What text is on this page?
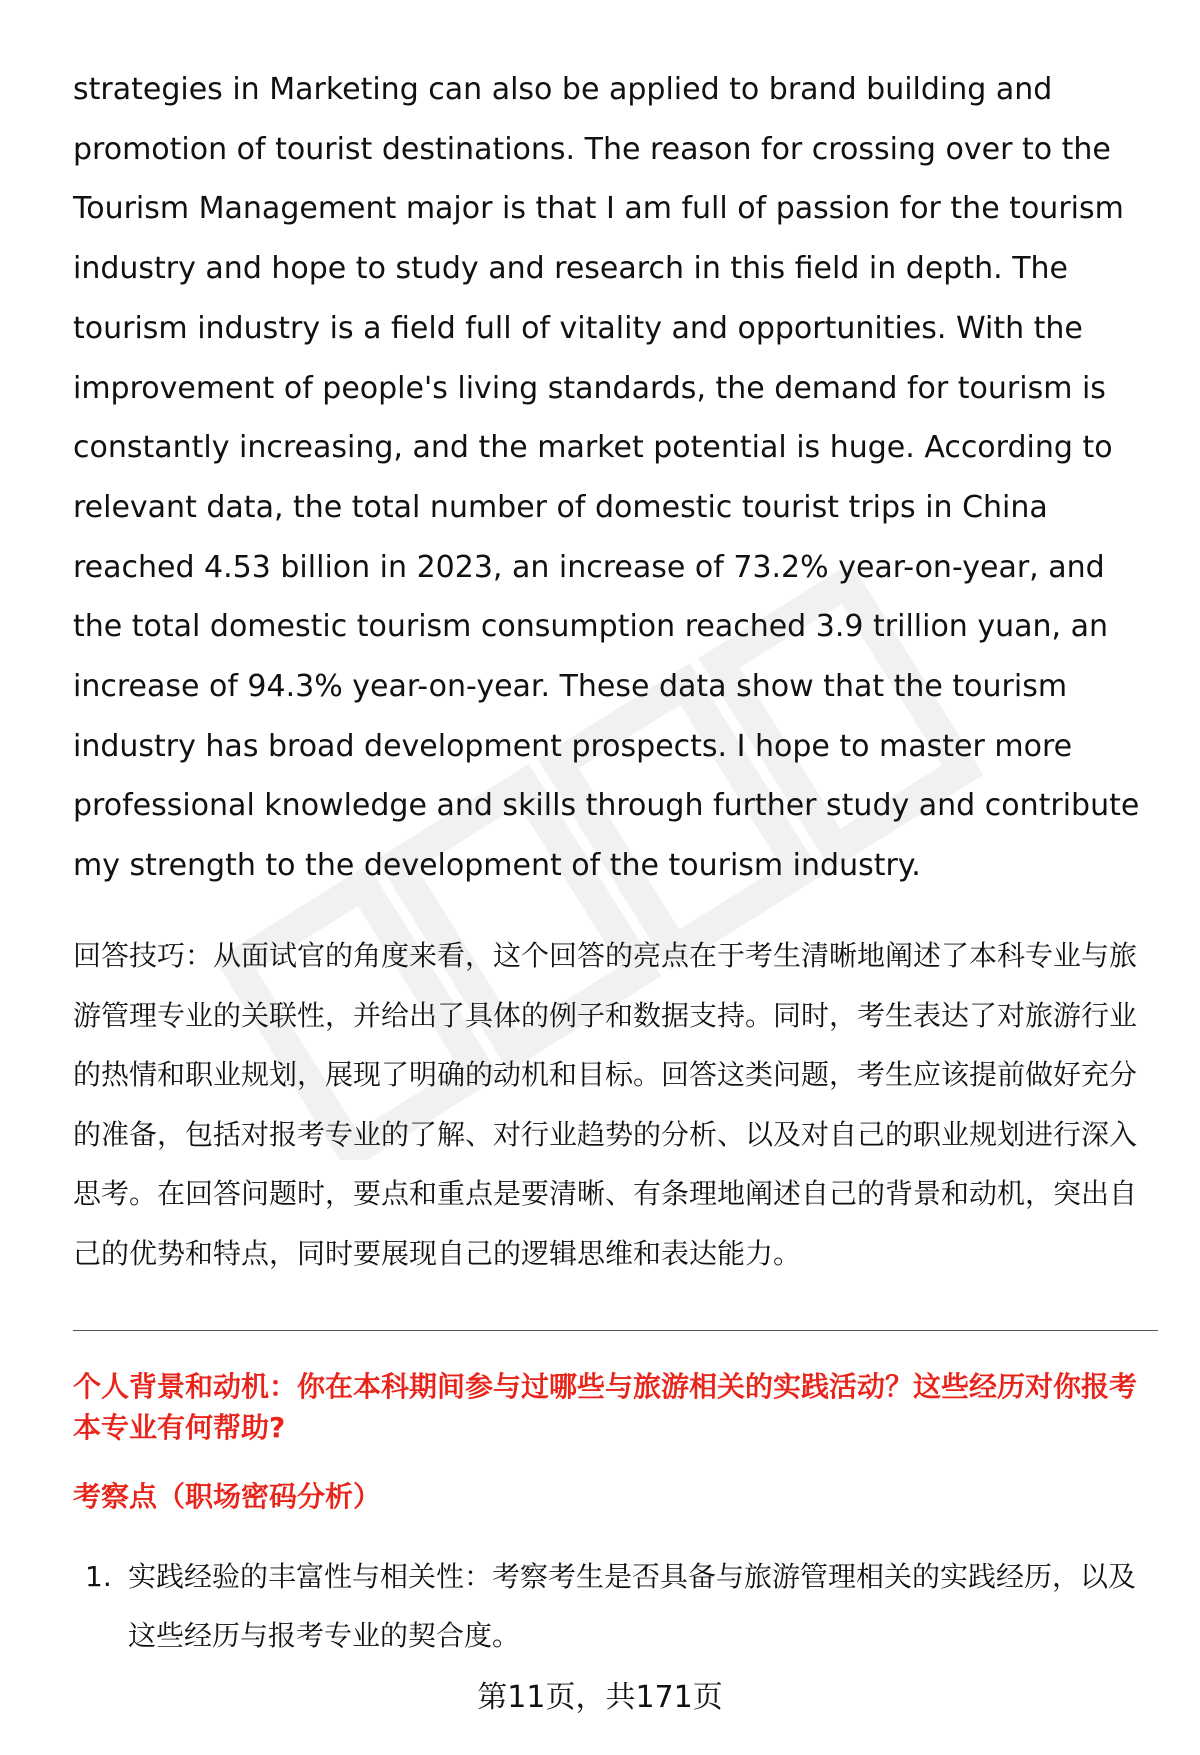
strategies in Marketing can also be applied to brand building and promotion of tourist destinations. The reason for crossing over to the Tourism Management major is that I am full of passion for the tourism industry and hope to study and research in this field in depth. The tourism industry is a field full of vitality and opportunities. With the improvement of people's living standards, the demand for tourism is constantly increasing, and the market potential is huge. According to relevant data, the total number of domestic tourist trips in China reached 4.53 billion in 2023, an increase of 73.2% year-on-year, and the total domestic tourism consumption reached 3.9 trillion yuan, an increase of 94.3% year-on-year. These data show that the tourism industry has broad development prospects. I hope to master more professional knowledge and skills through further study and contribute my strength to the development of the tourism industry.

回答技巧：从面试官的角度来看，这个回答的亮点在于考生清晰地阐述了本科专业与旅游管理专业的关联性，并给出了具体的例子和数据支持。同时，考生表达了对旅游行业的热情和职业规划，展现了明确的动机和目标。回答这类问题，考生应该提前做好充分的准备，包括对报考专业的了解、对行业趋势的分析、以及对自己的职业规划进行深入思考。在回答问题时，要点和重点是要清晰、有条理地阐述自己的背景和动机，突出自己的优势和特点，同时要展现自己的逻辑思维和表达能力。

个人背景和动机：你在本科期间参与过哪些与旅游相关的实践活动？这些经历对你报考本专业有何帮助?

考察点（职场密码分析）

1. 实践经验的丰富性与相关性：考察考生是否具备与旅游管理相关的实践经历，以及这些经历与报考专业的契合度。
第11页，共171页
